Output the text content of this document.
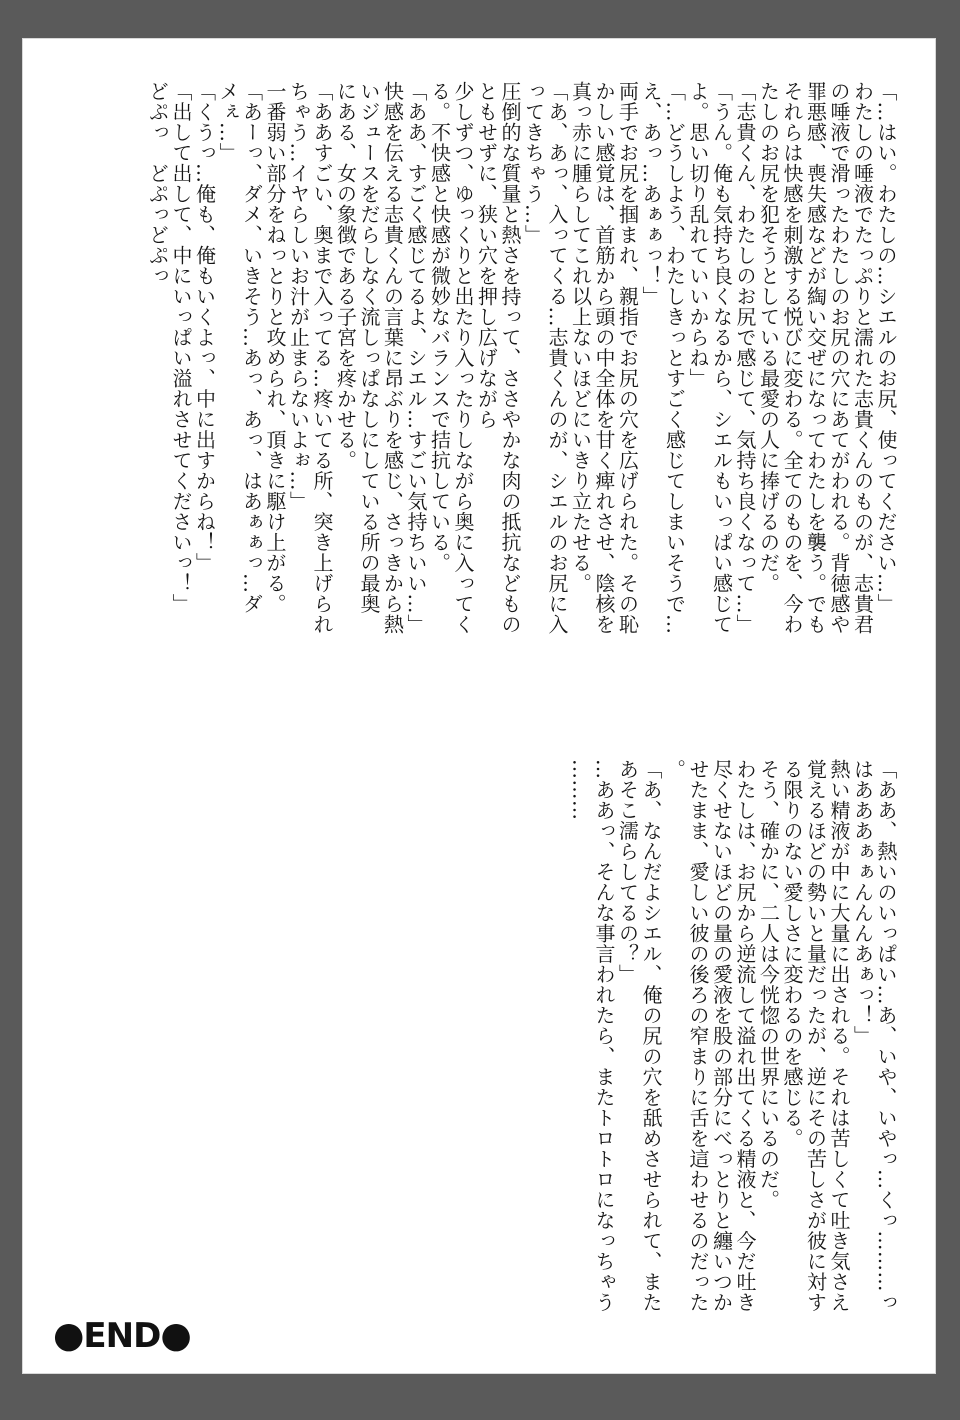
「…はい。わたしの…シエルのお尻、使ってください…」

わたしの唾液でたっぷりと濡れた志貴くんのものが、志貴君

の唾液で滑ったわたしのお尻の穴にあてがわれる。背徳感や

罪悪感、喪失感などが綯い交ぜになってわたしを襲う。でも

それらは快感を刺激する悦びに変わる。全てのものを、今わ

たしのお尻を犯そうとしている最愛の人に捧げるのだ。

「志貴くん、わたしのお尻で感じて、気持ち良くなって…」

「うん。俺も気持ち良くなるから、シエルもいっぱい感じて

よ。思い切り乱れていいからね」

「…どうしよう、わたしきっとすごく感じてしまいそうで…

え、あっ…あぁぁっ！」

両手でお尻を掴まれ、親指でお尻の穴を広げられた。その恥

かしい感覚は、首筋から頭の中全体を甘く痺れさせ、陰核を

真っ赤に腫らしてこれ以上ないほどにいきり立たせる。

「あ、あっ、入ってくる…志貴くんのが、シエルのお尻に入

ってきちゃう…」

圧倒的な質量と熱さを持って、ささやかな肉の抵抗などもの

ともせずに、狭い穴を押し広げながら

少しずつ、ゆっくりと出たり入ったりしながら奥に入ってく

る。不快感と快感が微妙なバランスで拮抗している。

「ああ、すごく感じてるよ、シエル…すごい気持ちいい…」

快感を伝える志貴くんの言葉に昂ぶりを感じ、さっきから熱

いジュースをだらしなく流しっぱなしにしている所の最奥

にある、女の象徴である子宮を疼かせる。

「ああすごい、奥まで入ってる…疼いてる所、突き上げられ

ちゃう…イヤらしいお汁が止まらないよぉ…」

一番弱い部分をねっとりと攻められ、頂きに駆け上がる。

「あーっ、ダメ、いきそう…あっ、あっ、はあぁぁっ…ダ

メぇ…」

「くうっ…俺も、俺もいくよっ、中に出すからね！」

「出して出して、中にいっぱい溢れさせてくださいっ！」

どぷっ　どぷっどぷっ

「ああ、熱いのいっぱい…あ、いや、いやっ…くっ………っ

はあああぁぁんんんあぁっ！」

熱い精液が中に大量に出される。それは苦しくて吐き気さえ

覚えるほどの勢いと量だったが、逆にその苦しさが彼に対す

る限りのない愛しさに変わるのを感じる。

そう、確かに、二人は今恍惚の世界にいるのだ。

わたしは、お尻から逆流して溢れ出てくる精液と、今だ吐き

尽くせないほどの量の愛液を股の部分にべっとりと纏いつか

せたまま、愛しい彼の後ろの窄まりに舌を這わせるのだった

。

「あ、なんだよシエル、俺の尻の穴を舐めさせられて、また

あそこ濡らしてるの？」

…ああっ、そんな事言われたら、またトロトロになっちゃう

………

●END●
